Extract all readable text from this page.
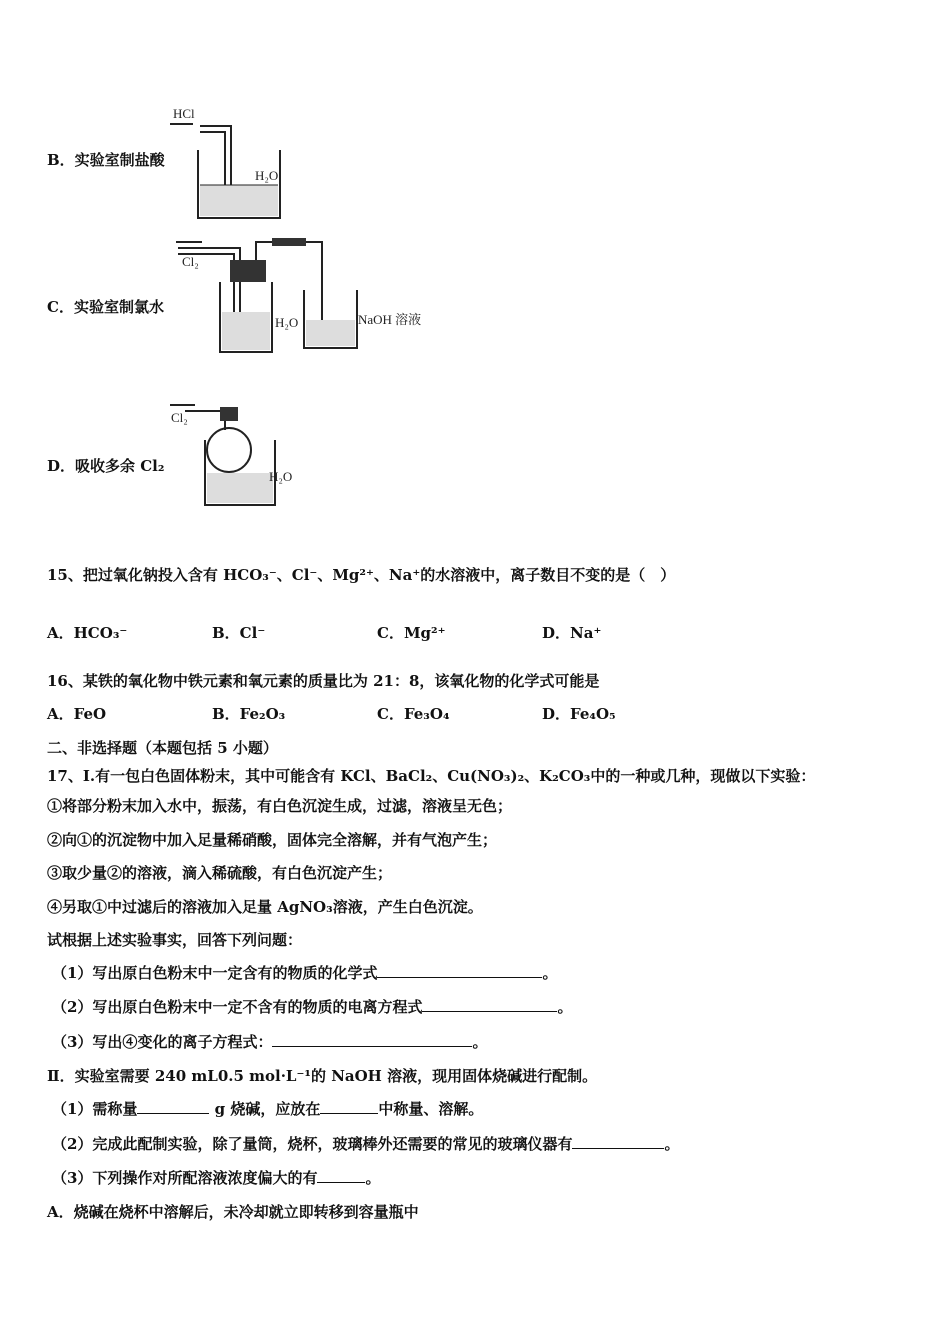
B．实验室制盐酸
HCl
H₂O
C．实验室制氯水
Cl₂
H₂O	NaOH 溶液
D．吸收多余 Cl₂
Cl₂
H₂O
15、把过氧化钠投入含有 HCO₃⁻、Cl⁻、Mg²⁺、Na⁺的水溶液中，离子数目不变的是（　）
A．HCO₃⁻	B．Cl⁻	C．Mg²⁺	D．Na⁺
16、某铁的氧化物中铁元素和氧元素的质量比为 21：8，该氧化物的化学式可能是
A．FeO	B．Fe₂O₃	C．Fe₃O₄	D．Fe₄O₅
二、非选择题（本题包括 5 小题）
17、Ⅰ.有一包白色固体粉末，其中可能含有 KCl、BaCl₂、Cu(NO₃)₂、K₂CO₃中的一种或几种，现做以下实验：
①将部分粉末加入水中，振荡，有白色沉淀生成，过滤，溶液呈无色；
②向①的沉淀物中加入足量稀硝酸，固体完全溶解，并有气泡产生；
③取少量②的溶液，滴入稀硫酸，有白色沉淀产生；
④另取①中过滤后的溶液加入足量 AgNO₃溶液，产生白色沉淀。
试根据上述实验事实，回答下列问题：
（1）写出原白色粉末中一定含有的物质的化学式	。
（2）写出原白色粉末中一定不含有的物质的电离方程式	。
（3）写出④变化的离子方程式：	。
Ⅱ．实验室需要 240 mL0.5 mol·L⁻¹的 NaOH 溶液，现用固体烧碱进行配制。
（1）需称量	g 烧碱，应放在	中称量、溶解。
（2）完成此配制实验，除了量筒，烧杯，玻璃棒外还需要的常见的玻璃仪器有	。
（3）下列操作对所配溶液浓度偏大的有	。
A．烧碱在烧杯中溶解后，未冷却就立即转移到容量瓶中
